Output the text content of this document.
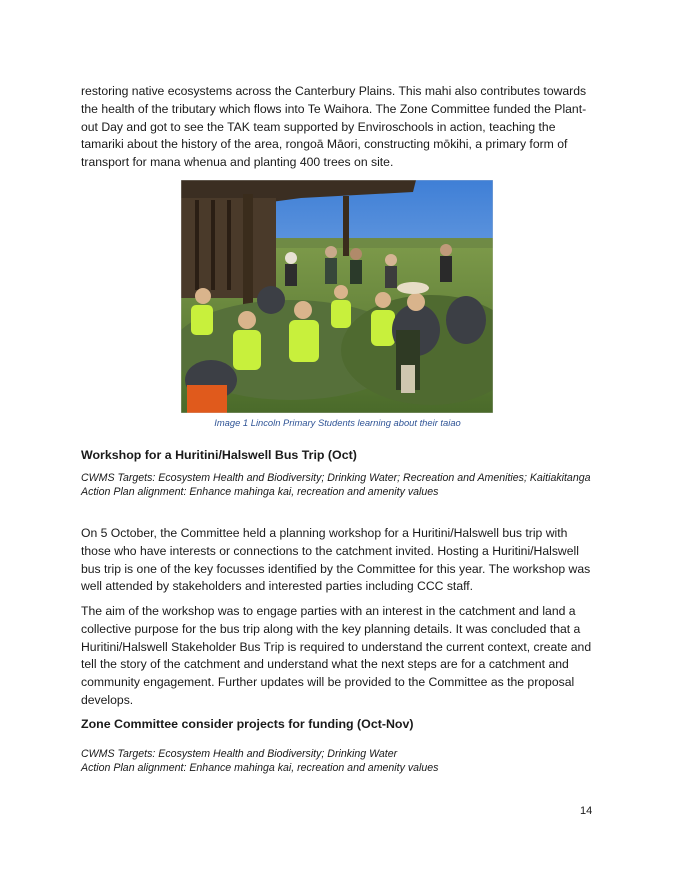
restoring native ecosystems across the Canterbury Plains. This mahi also contributes towards the health of the tributary which flows into Te Waihora. The Zone Committee funded the Plant-out Day and got to see the TAK team supported by Enviroschools in action, teaching the tamariki about the history of the area, rongoā Māori, constructing mōkihi, a primary form of transport for mana whenua and planting 400 trees on site.

Image 1 Lincoln Primary Students learning about their taiao

Workshop for a Huritini/Halswell Bus Trip (Oct)
CWMS Targets: Ecosystem Health and Biodiversity; Drinking Water; Recreation and Amenities; Kaitiakitanga
Action Plan alignment: Enhance mahinga kai, recreation and amenity values

On 5 October, the Committee held a planning workshop for a Huritini/Halswell bus trip with those who have interests or connections to the catchment invited. Hosting a Huritini/Halswell bus trip is one of the key focusses identified by the Committee for this year. The workshop was well attended by stakeholders and interested parties including CCC staff.

The aim of the workshop was to engage parties with an interest in the catchment and land a collective purpose for the bus trip along with the key planning details. It was concluded that a Huritini/Halswell Stakeholder Bus Trip is required to understand the current context, create and tell the story of the catchment and understand what the next steps are for a catchment and community engagement. Further updates will be provided to the Committee as the proposal develops.

Zone Committee consider projects for funding (Oct-Nov)
CWMS Targets: Ecosystem Health and Biodiversity; Drinking Water
Action Plan alignment: Enhance mahinga kai, recreation and amenity values

14
